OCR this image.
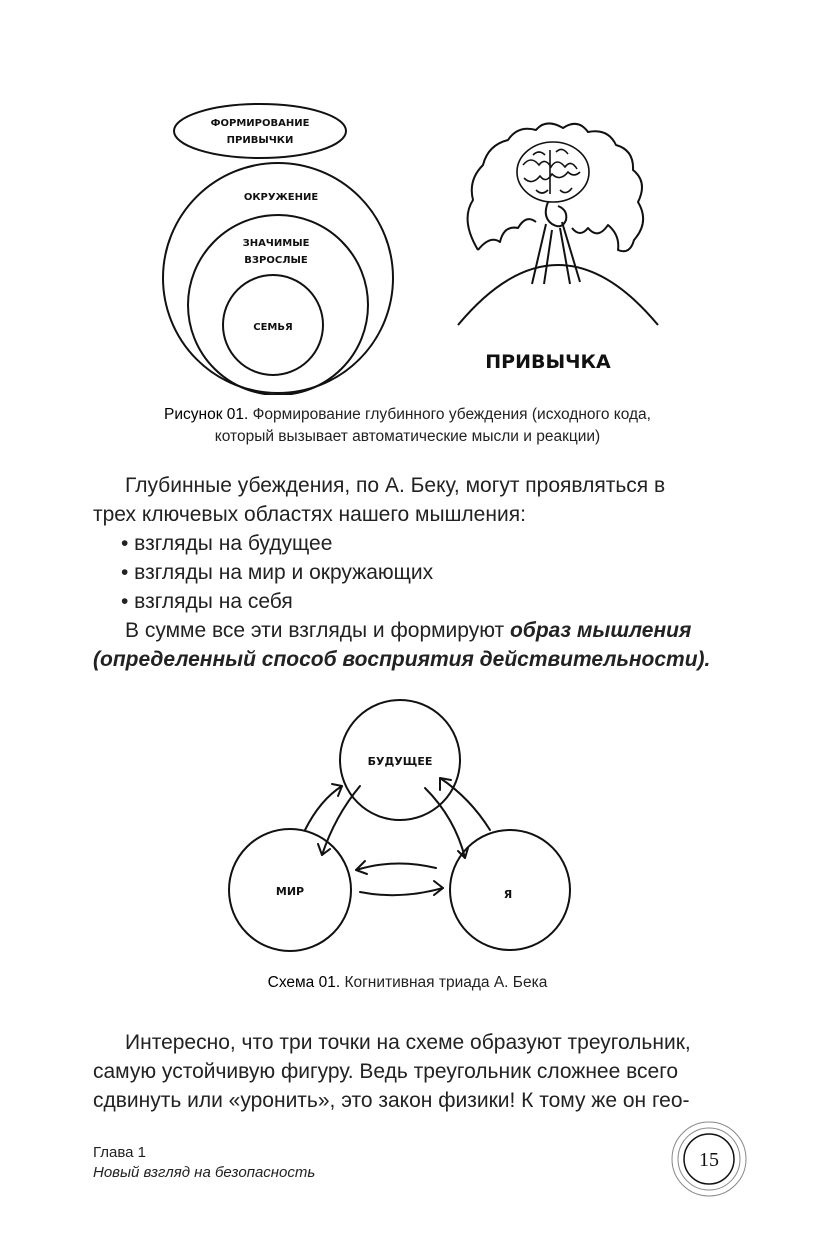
ФОРМИРОВАНИЕ
ПРИВЫЧКИ
ОКРУЖЕНИЕ
ЗНАЧИМЫЕ
ВЗРОСЛЫЕ
СЕМЬЯ
ПРИВЫЧКА
Рисунок 01. Формирование глубинного убеждения (исходного кода,
который вызывает автоматические мысли и реакции)
Глубинные убеждения, по А. Беку, могут проявляться в
трех ключевых областях нашего мышления:
• взгляды на будущее
• взгляды на мир и окружающих
• взгляды на себя
В сумме все эти взгляды и формируют образ мышления
(определенный способ восприятия действительности).
БУДУЩЕЕ
МИР	Я
Схема 01. Когнитивная триада А. Бека
Интересно, что три точки на схеме образуют треугольник,
самую устойчивую фигуру. Ведь треугольник сложнее всего
сдвинуть или «уронить», это закон физики! К тому же он гео-
Глава 1
Новый взгляд на безопасность
15
